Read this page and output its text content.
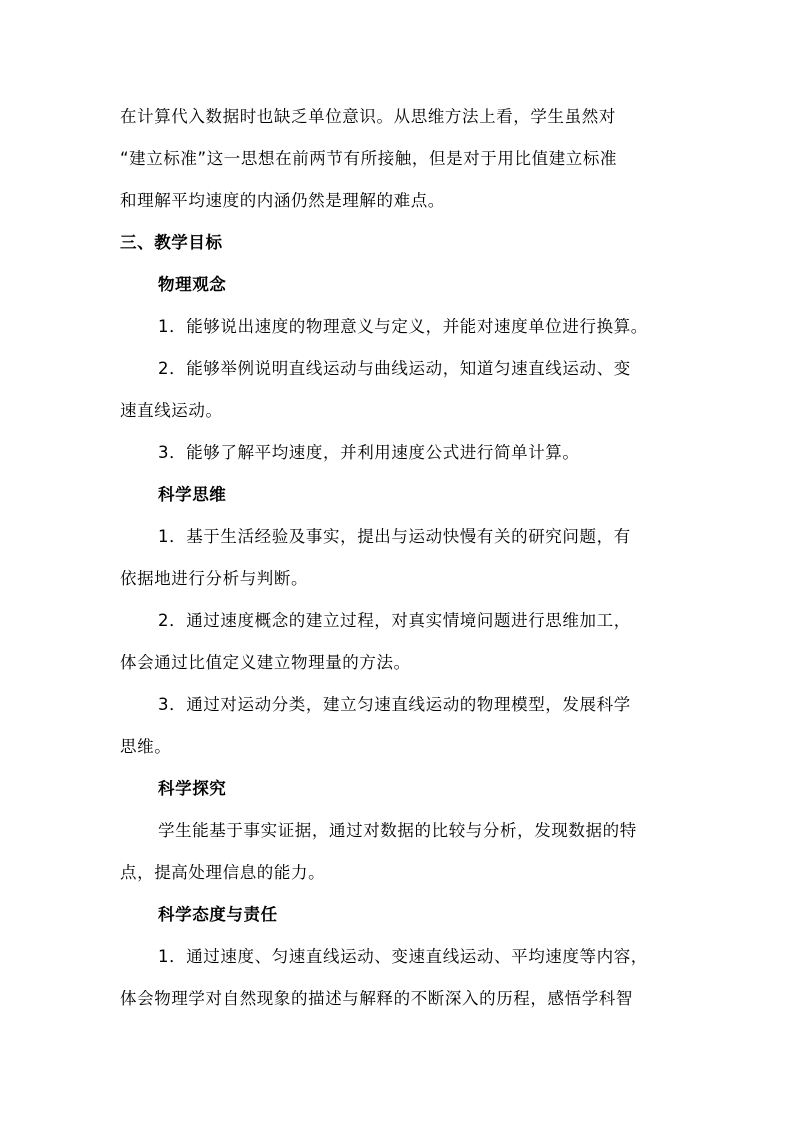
在计算代入数据时也缺乏单位意识。从思维方法上看，学生虽然对
“建立标准”这一思想在前两节有所接触，但是对于用比值建立标准
和理解平均速度的内涵仍然是理解的难点。
三、教学目标
物理观念
1．能够说出速度的物理意义与定义，并能对速度单位进行换算。
2．能够举例说明直线运动与曲线运动，知道匀速直线运动、变
速直线运动。
3．能够了解平均速度，并利用速度公式进行简单计算。
科学思维
1．基于生活经验及事实，提出与运动快慢有关的研究问题，有
依据地进行分析与判断。
2．通过速度概念的建立过程，对真实情境问题进行思维加工，
体会通过比值定义建立物理量的方法。
3．通过对运动分类，建立匀速直线运动的物理模型，发展科学
思维。
科学探究
学生能基于事实证据，通过对数据的比较与分析，发现数据的特
点，提高处理信息的能力。
科学态度与责任
1．通过速度、匀速直线运动、变速直线运动、平均速度等内容，
体会物理学对自然现象的描述与解释的不断深入的历程，感悟学科智
